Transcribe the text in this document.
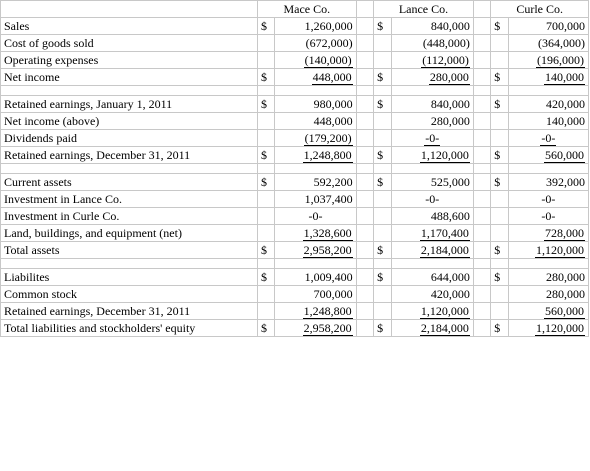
	Mace Co.			Lance Co.			Curle Co.	
Sales	$	1,260,000		$	840,000		$	700,000
Cost of goods sold		(672,000)			(448,000)			(364,000)
Operating expenses		(140,000)			(112,000)			(196,000)
Net income	$	448,000		$	280,000		$	140,000

Retained earnings, January 1, 2011	$	980,000		$	840,000		$	420,000
Net income (above)		448,000			280,000			140,000
Dividends paid		(179,200)			-0-			-0-
Retained earnings, December 31, 2011	$	1,248,800		$	1,120,000		$	560,000

Current assets	$	592,200		$	525,000		$	392,000
Investment in Lance Co.		1,037,400			-0-			-0-
Investment in Curle Co.		-0-			488,600			-0-
Land, buildings, and equipment (net)		1,328,600			1,170,400			728,000
Total assets	$	2,958,200		$	2,184,000		$	1,120,000

Liabilites	$	1,009,400		$	644,000		$	280,000
Common stock		700,000			420,000			280,000
Retained earnings, December 31, 2011		1,248,800			1,120,000			560,000
Total liabilities and stockholders' equity	$	2,958,200		$	2,184,000		$	1,120,000
